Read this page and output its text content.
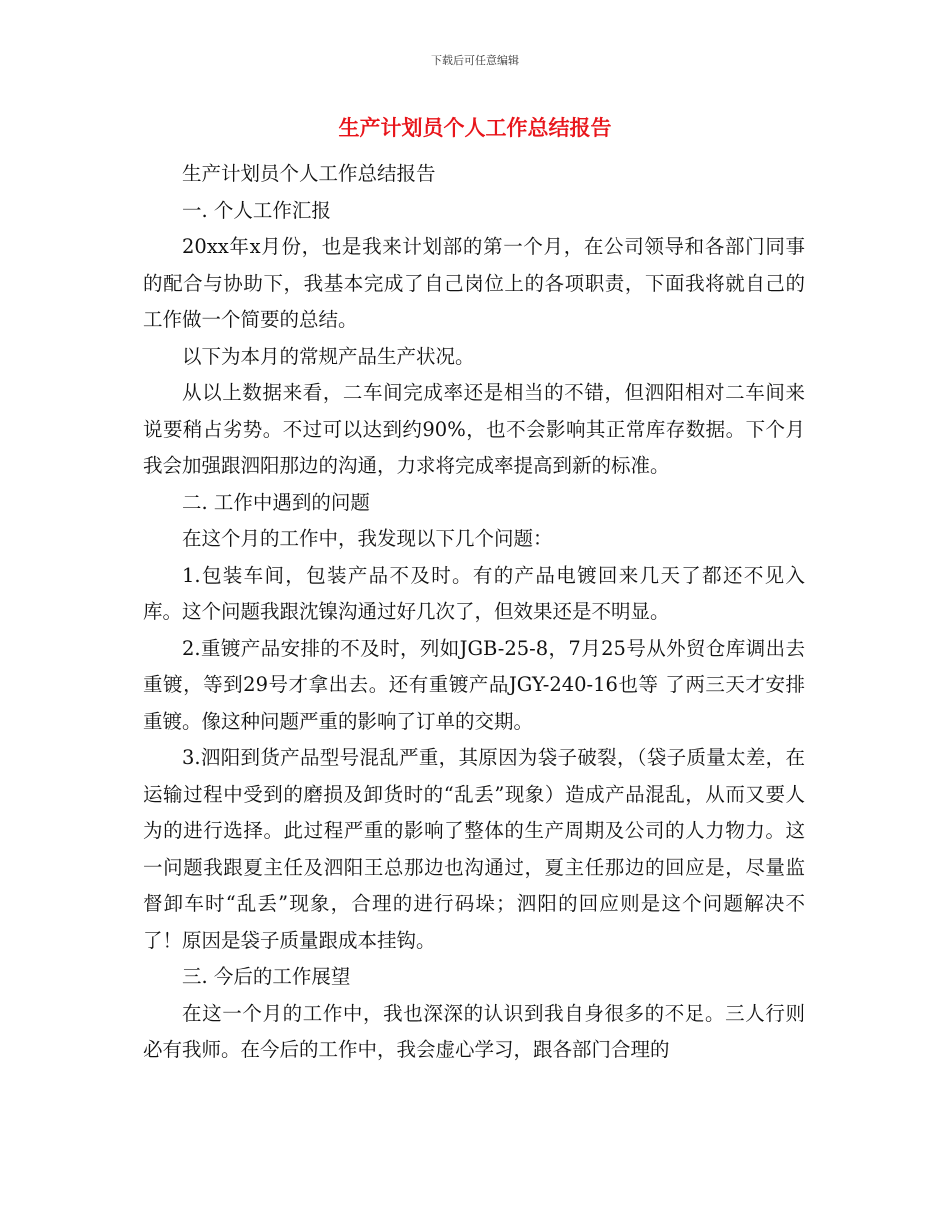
下载后可任意编辑
生产计划员个人工作总结报告

生产计划员个人工作总结报告

一. 个人工作汇报

20xx年x月份，也是我来计划部的第一个月，在公司领导和各部门同事的配合与协助下，我基本完成了自己岗位上的各项职责，下面我将就自己的工作做一个简要的总结。

以下为本月的常规产品生产状况。

从以上数据来看，二车间完成率还是相当的不错，但泗阳相对二车间来说要稍占劣势。不过可以达到约90%，也不会影响其正常库存数据。下个月我会加强跟泗阳那边的沟通，力求将完成率提高到新的标准。

二. 工作中遇到的问题

在这个月的工作中，我发现以下几个问题：

1.包装车间，包装产品不及时。有的产品电镀回来几天了都还不见入库。这个问题我跟沈镍沟通过好几次了，但效果还是不明显。

2.重镀产品安排的不及时，列如JGB-25-8，7月25号从外贸仓库调出去重镀，等到29号才拿出去。还有重镀产品JGY-240-16也等 了两三天才安排重镀。像这种问题严重的影响了订单的交期。

3.泗阳到货产品型号混乱严重，其原因为袋子破裂，（袋子质量太差，在运输过程中受到的磨损及卸货时的“乱丢”现象）造成产品混乱，从而又要人为的进行选择。此过程严重的影响了整体的生产周期及公司的人力物力。这一问题我跟夏主任及泗阳王总那边也沟通过，夏主任那边的回应是，尽量监督卸车时“乱丢”现象，合理的进行码垛；泗阳的回应则是这个问题解决不了！原因是袋子质量跟成本挂钩。

三. 今后的工作展望

在这一个月的工作中，我也深深的认识到我自身很多的不足。三人行则必有我师。在今后的工作中，我会虚心学习，跟各部门合理的
